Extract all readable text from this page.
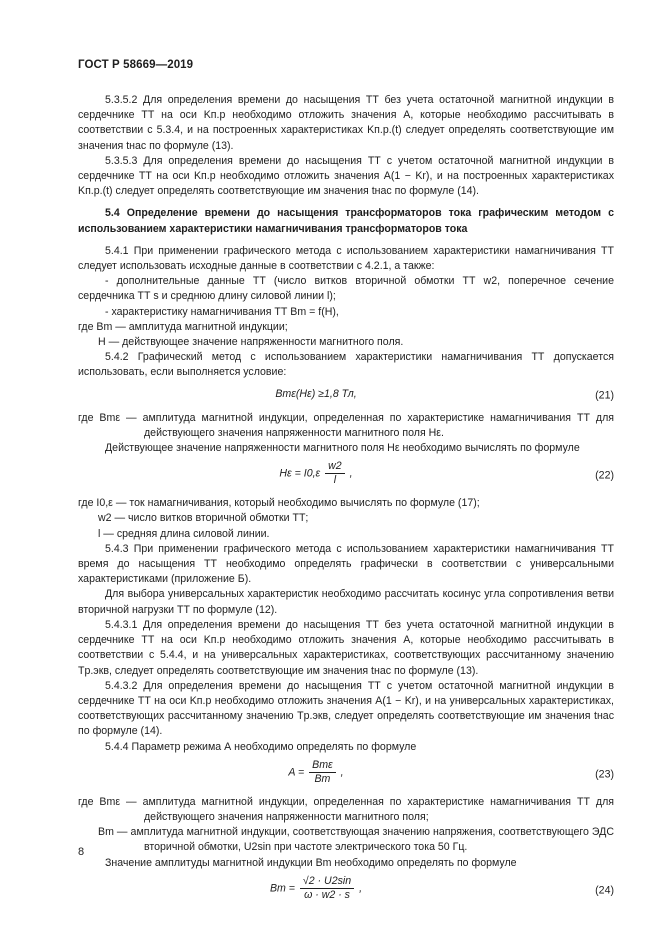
ГОСТ Р 58669—2019

5.3.5.2 Для определения времени до насыщения ТТ без учета остаточной магнитной индукции в сердечнике ТТ на оси Kп.р необходимо отложить значения А, которые необходимо рассчитывать в соответствии с 5.3.4, и на построенных характеристиках Kп.р.(t) следует определять соответствующие им значения tнас по формуле (13).

5.3.5.3 Для определения времени до насыщения ТТ с учетом остаточной магнитной индукции в сердечнике ТТ на оси Kп.р необходимо отложить значения A(1 − Kr), и на построенных характеристиках Kп.р.(t) следует определять соответствующие им значения tнас по формуле (14).

5.4 Определение времени до насыщения трансформаторов тока графическим методом с использованием характеристики намагничивания трансформаторов тока

5.4.1 При применении графического метода с использованием характеристики намагничивания ТТ следует использовать исходные данные в соответствии с 4.2.1, а также:

- дополнительные данные ТТ (число витков вторичной обмотки ТТ w2, поперечное сечение сердечника ТТ s и среднюю длину силовой линии l);

- характеристику намагничивания ТТ Bm = f(H),

где Bm — амплитуда магнитной индукции;

H — действующее значение напряженности магнитного поля.

5.4.2 Графический метод с использованием характеристики намагничивания ТТ допускается использовать, если выполняется условие:

Bmε(Hε) ≥1,8 Тл,	(21)

где Bmε — амплитуда магнитной индукции, определенная по характеристике намагничивания ТТ для действующего значения напряженности магнитного поля Hε.

Действующее значение напряженности магнитного поля Hε необходимо вычислять по формуле

$H\varepsilon = I0,\varepsilon \frac{w2}{l}$ ,	(22)

где I0,ε — ток намагничивания, который необходимо вычислять по формуле (17);

w2 — число витков вторичной обмотки ТТ;

l — средняя длина силовой линии.

5.4.3 При применении графического метода с использованием характеристики намагничивания ТТ время до насыщения ТТ необходимо определять графически в соответствии с универсальными характеристиками (приложение Б).

Для выбора универсальных характеристик необходимо рассчитать косинус угла сопротивления ветви вторичной нагрузки ТТ по формуле (12).

5.4.3.1 Для определения времени до насыщения ТТ без учета остаточной магнитной индукции в сердечнике ТТ на оси Kп.р необходимо отложить значения А, которые необходимо рассчитывать в соответствии с 5.4.4, и на универсальных характеристиках, соответствующих рассчитанному значению Tр.экв, следует определять соответствующие им значения tнас по формуле (13).

5.4.3.2 Для определения времени до насыщения ТТ с учетом остаточной магнитной индукции в сердечнике ТТ на оси Kп.р необходимо отложить значения A(1 − Kr), и на универсальных характеристиках, соответствующих рассчитанному значению Tр.экв, следует определять соответствующие им значения tнас по формуле (14).

5.4.4 Параметр режима А необходимо определять по формуле

$A = \frac{\text{Bmε}}{Bm}$ ,	(23)

где Bmε — амплитуда магнитной индукции, определенная по характеристике намагничивания ТТ для действующего значения напряженности магнитного поля;

Bm — амплитуда магнитной индукции, соответствующая значению напряжения, соответствующего ЭДС вторичной обмотки, U2sin при частоте электрического тока 50 Гц.

Значение амплитуды магнитной индукции Bm необходимо определять по формуле

$Bm = \frac{√2 \cdot U2\sin}{\omega \cdot w2 \cdot s}$ ,	(24)
8
